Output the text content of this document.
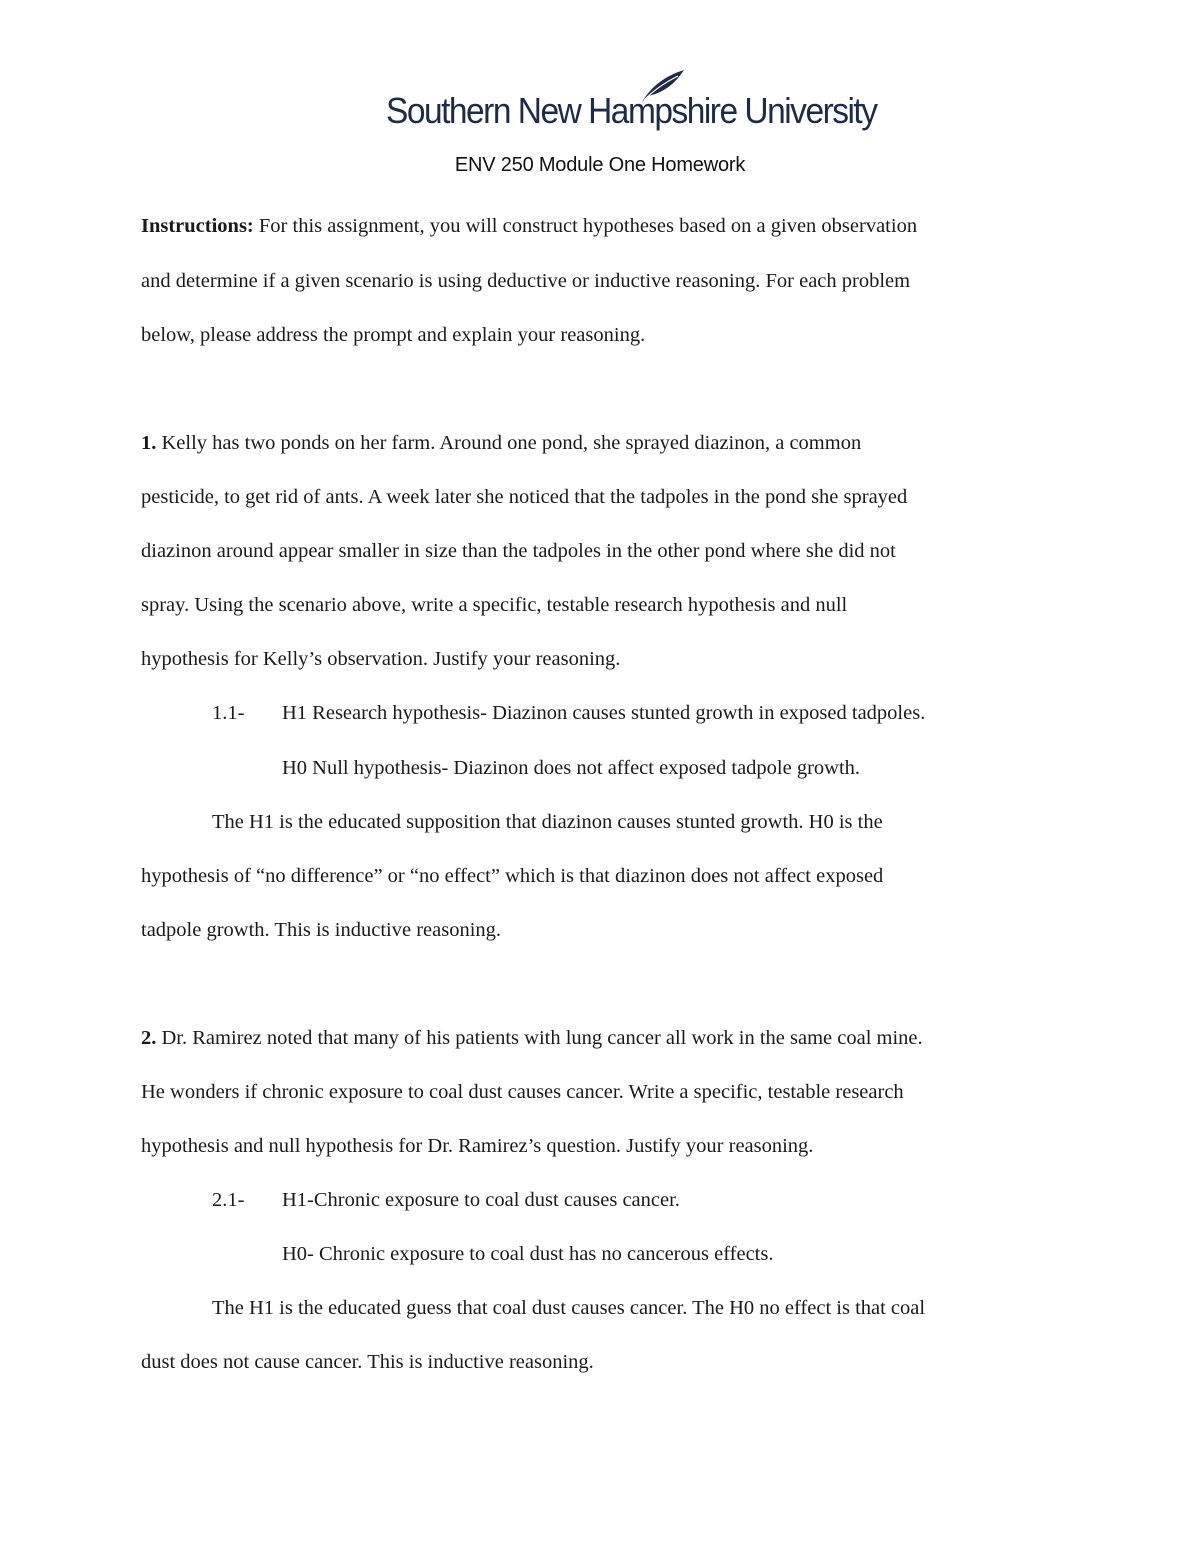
Southern New Hampshire University
ENV 250 Module One Homework
Instructions: For this assignment, you will construct hypotheses based on a given observation
and determine if a given scenario is using deductive or inductive reasoning. For each problem
below, please address the prompt and explain your reasoning.
1. Kelly has two ponds on her farm. Around one pond, she sprayed diazinon, a common
pesticide, to get rid of ants. A week later she noticed that the tadpoles in the pond she sprayed
diazinon around appear smaller in size than the tadpoles in the other pond where she did not
spray. Using the scenario above, write a specific, testable research hypothesis and null
hypothesis for Kelly’s observation. Justify your reasoning.
1.1- H1 Research hypothesis- Diazinon causes stunted growth in exposed tadpoles.
H0 Null hypothesis- Diazinon does not affect exposed tadpole growth.
The H1 is the educated supposition that diazinon causes stunted growth. H0 is the
hypothesis of “no difference” or “no effect” which is that diazinon does not affect exposed
tadpole growth. This is inductive reasoning.
2. Dr. Ramirez noted that many of his patients with lung cancer all work in the same coal mine.
He wonders if chronic exposure to coal dust causes cancer. Write a specific, testable research
hypothesis and null hypothesis for Dr. Ramirez’s question. Justify your reasoning.
2.1- H1-Chronic exposure to coal dust causes cancer.
H0- Chronic exposure to coal dust has no cancerous effects.
The H1 is the educated guess that coal dust causes cancer. The H0 no effect is that coal
dust does not cause cancer. This is inductive reasoning.
